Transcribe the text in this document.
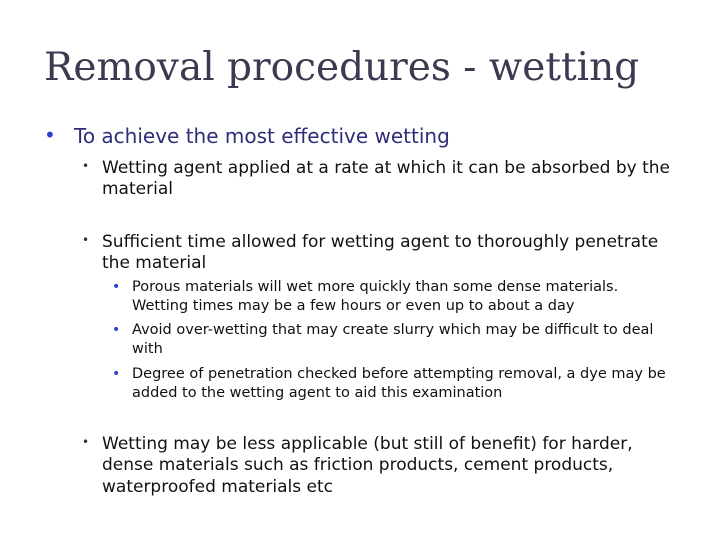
Removal procedures - wetting
• To achieve the most effective wetting
• Wetting agent applied at a rate at which it can be absorbed by the material
• Sufficient time allowed for wetting agent to thoroughly penetrate the material
• Porous materials will wet more quickly than some dense materials. Wetting times may be a few hours or even up to about a day
• Avoid over-wetting that may create slurry which may be difficult to deal with
• Degree of penetration checked before attempting removal, a dye may be added to the wetting agent to aid this examination
• Wetting may be less applicable (but still of benefit) for harder, dense materials such as friction products, cement products, waterproofed materials etc
